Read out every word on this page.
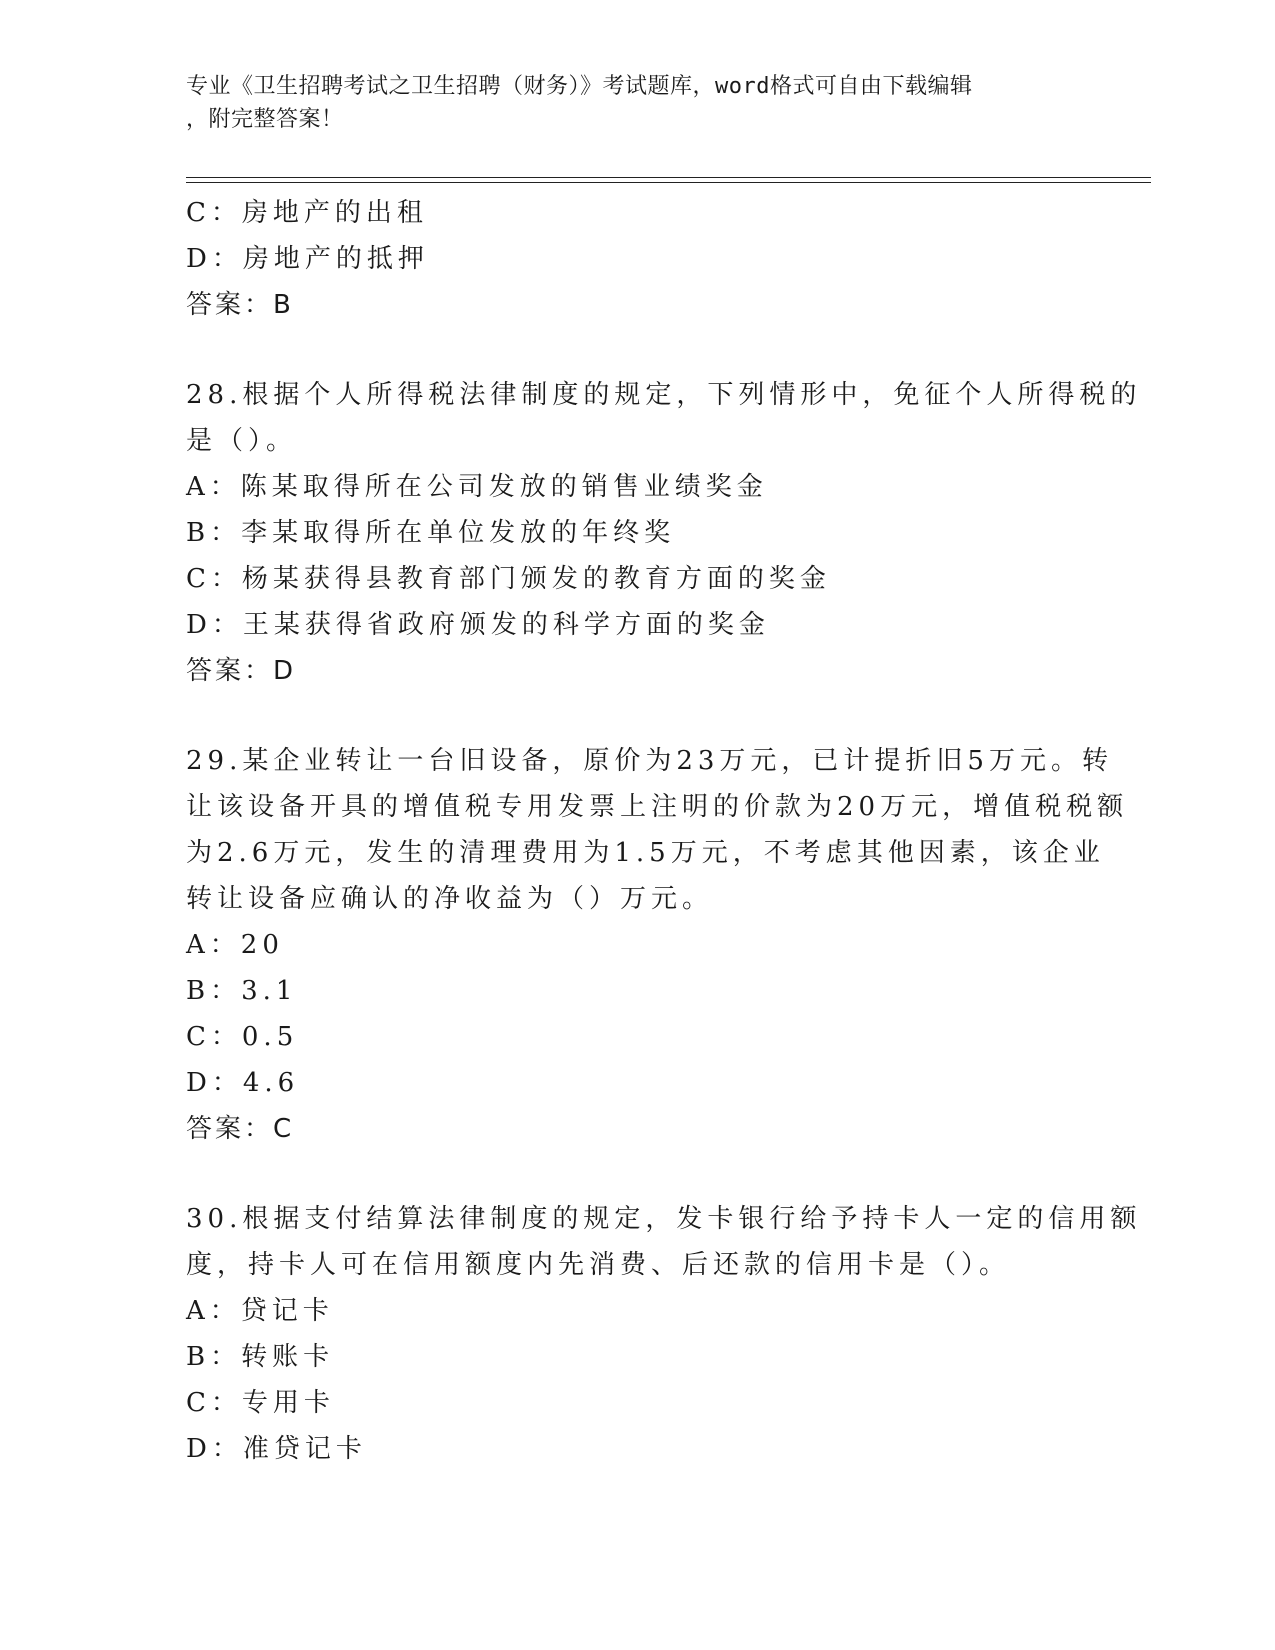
专业《卫生招聘考试之卫生招聘（财务）》考试题库，word格式可自由下载编辑
，附完整答案！
C：房地产的出租
D：房地产的抵押
答案：B
28.根据个人所得税法律制度的规定，下列情形中，免征个人所得税的
是（）。
A：陈某取得所在公司发放的销售业绩奖金
B：李某取得所在单位发放的年终奖
C：杨某获得县教育部门颁发的教育方面的奖金
D：王某获得省政府颁发的科学方面的奖金
答案：D
29.某企业转让一台旧设备，原价为23万元，已计提折旧5万元。转
让该设备开具的增值税专用发票上注明的价款为20万元，增值税税额
为2.6万元，发生的清理费用为1.5万元，不考虑其他因素，该企业
转让设备应确认的净收益为（）万元。
A：20
B：3.1
C：0.5
D：4.6
答案：C
30.根据支付结算法律制度的规定，发卡银行给予持卡人一定的信用额
度，持卡人可在信用额度内先消费、后还款的信用卡是（）。
A：贷记卡
B：转账卡
C：专用卡
D：准贷记卡
